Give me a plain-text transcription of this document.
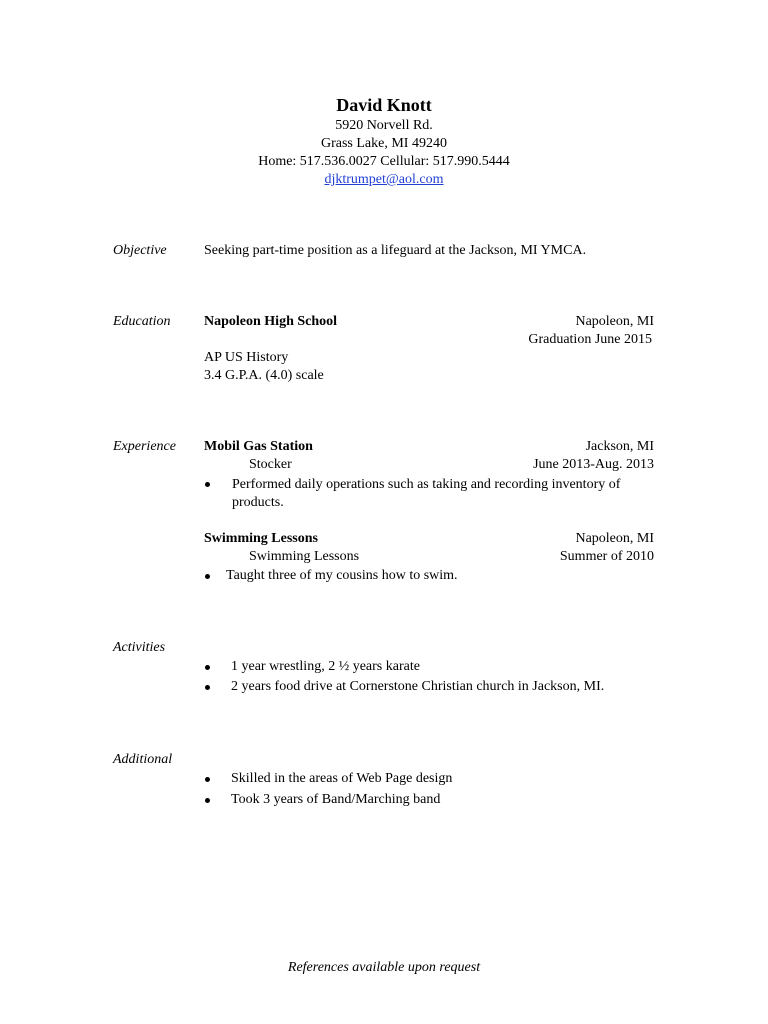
David Knott
5920 Norvell Rd.
Grass Lake, MI 49240
Home: 517.536.0027 Cellular: 517.990.5444
djktrumpet@aol.com
Objective	Seeking part-time position as a lifeguard at the Jackson, MI YMCA.
Education Napoleon High School	Napoleon, MI
Graduation June 2015
AP US History
3.4 G.P.A. (4.0) scale
Experience Mobil Gas Station	Jackson, MI
Stocker	June 2013-Aug. 2013
Performed daily operations such as taking and recording inventory of
products.
Swimming Lessons	Napoleon, MI
Swimming Lessons	Summer of 2010
Taught three of my cousins how to swim.
Activities
1 year wrestling, 2 ½ years karate
2 years food drive at Cornerstone Christian church in Jackson, MI.
Additional
Skilled in the areas of Web Page design
Took 3 years of Band/Marching band
References available upon request
